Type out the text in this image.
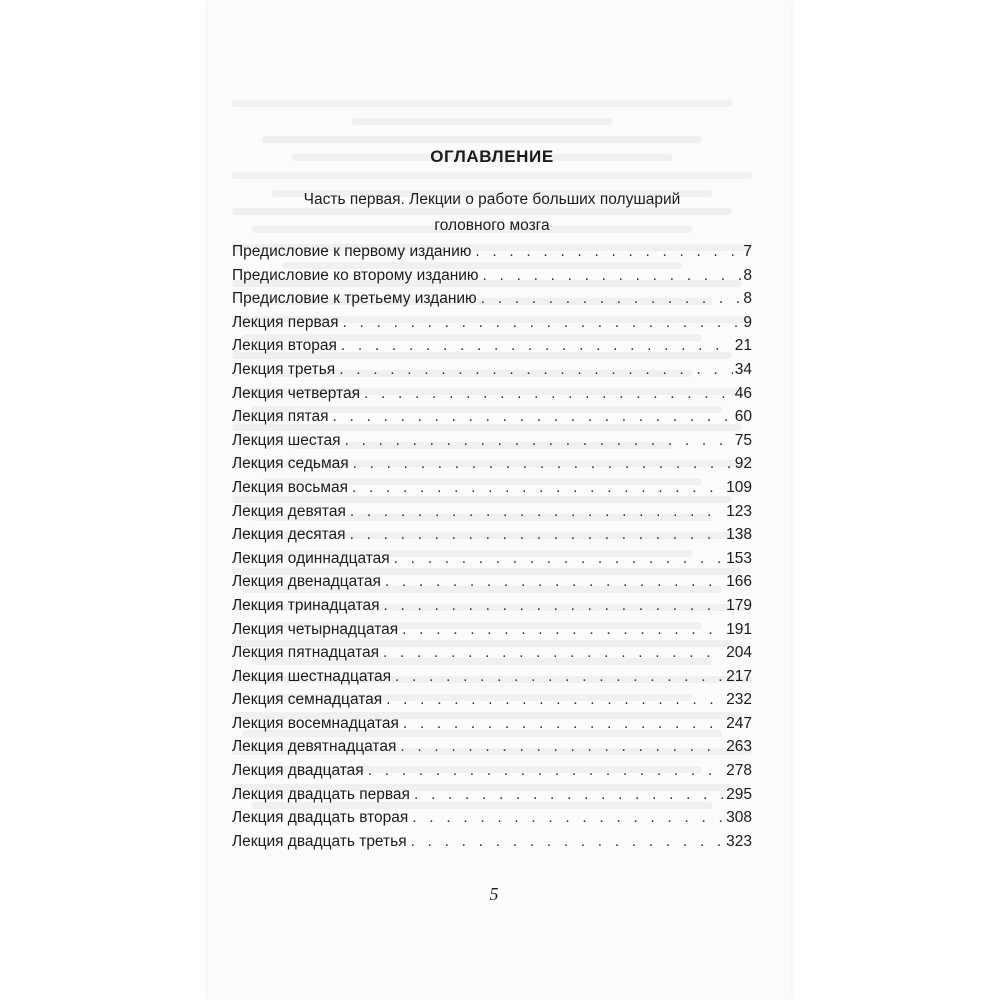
ОГЛАВЛЕНИЕ
Часть первая. Лекции о работе больших полушарий
головного мозга
Предисловие к первому изданию . . .	7
Предисловие ко второму изданию . . .	8
Предисловие к третьему изданию . . .	8
Лекция первая . . .	9
Лекция вторая . . .	21
Лекция третья . . .	34
Лекция четвертая . . .	46
Лекция пятая . . .	60
Лекция шестая . . .	75
Лекция седьмая . . .	92
Лекция восьмая . . .	109
Лекция девятая . . .	123
Лекция десятая . . .	138
Лекция одиннадцатая . . .	153
Лекция двенадцатая . . .	166
Лекция тринадцатая . . .	179
Лекция четырнадцатая . . .	191
Лекция пятнадцатая . . .	204
Лекция шестнадцатая . . .	217
Лекция семнадцатая . . .	232
Лекция восемнадцатая . . .	247
Лекция девятнадцатая . . .	263
Лекция двадцатая . . .	278
Лекция двадцать первая . . .	295
Лекция двадцать вторая . . .	308
Лекция двадцать третья . . .	323
5
